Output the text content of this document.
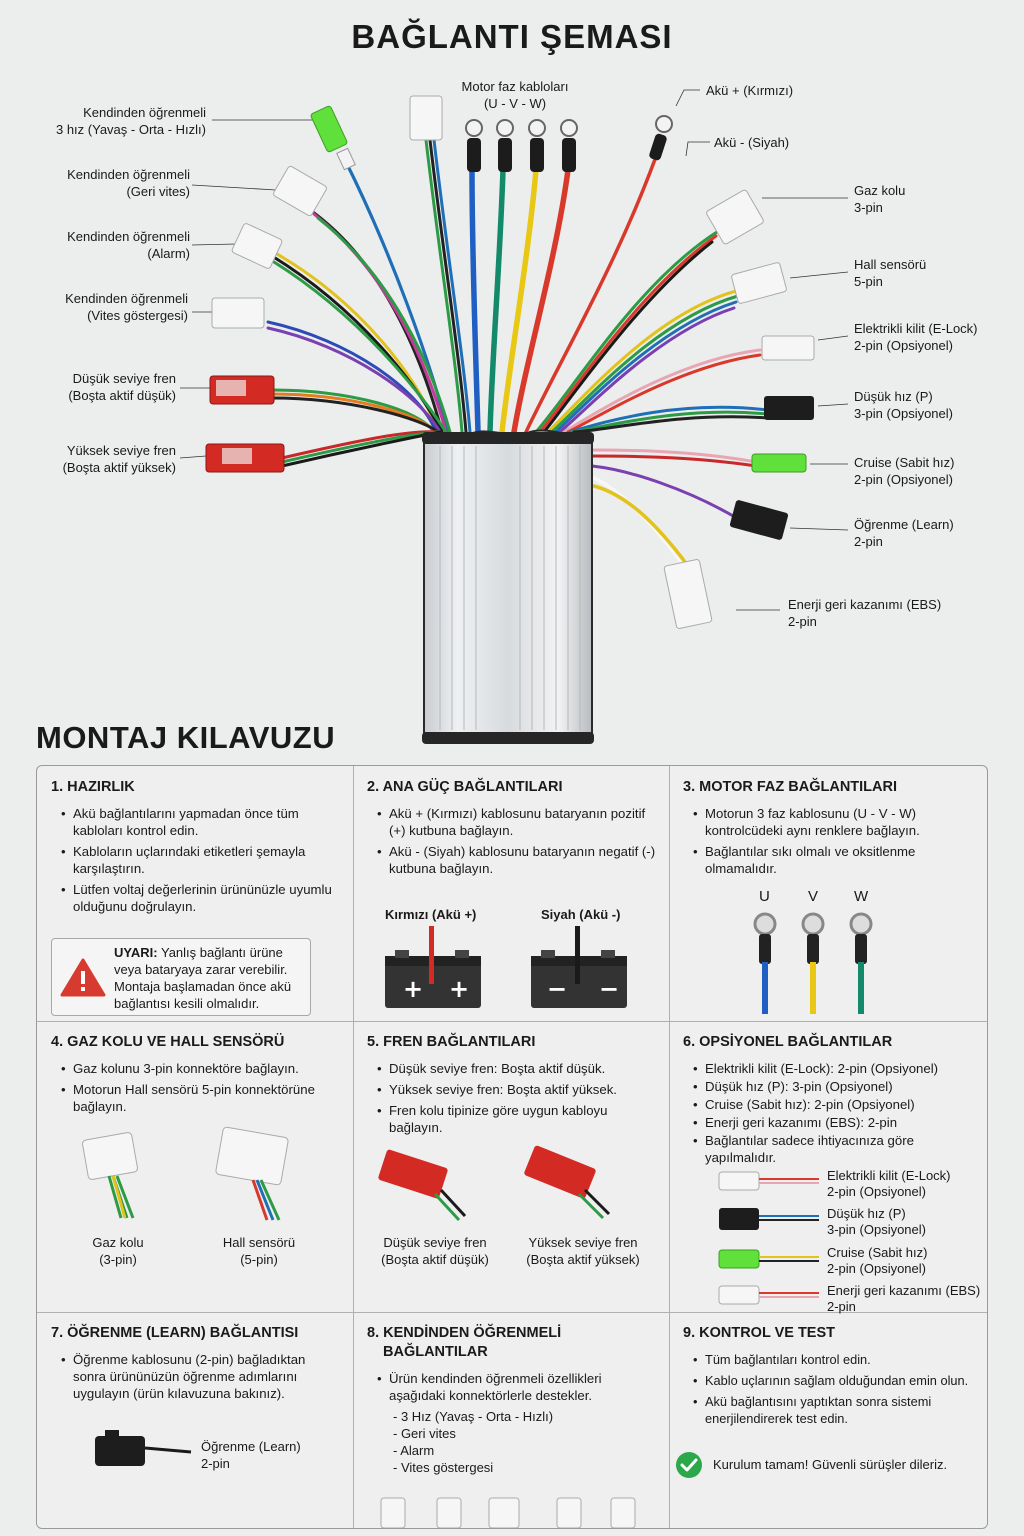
BAĞLANTI ŞEMASI
Kendinden öğrenmeli
3 hız (Yavaş - Orta - Hızlı)
Kendinden öğrenmeli
(Geri vites)
Kendinden öğrenmeli
(Alarm)
Kendinden öğrenmeli
(Vites göstergesi)
Düşük seviye fren
(Boşta aktif düşük)
Yüksek seviye fren
(Boşta aktif yüksek)
Motor faz kabloları
(U - V - W)
Akü + (Kırmızı)
Akü - (Siyah)
Gaz kolu
3-pin
Hall sensörü
5-pin
Elektrikli kilit (E-Lock)
2-pin (Opsiyonel)
Düşük hız (P)
3-pin (Opsiyonel)
Cruise (Sabit hız)
2-pin (Opsiyonel)
Öğrenme (Learn)
2-pin
Enerji geri kazanımı (EBS)
2-pin
MONTAJ KILAVUZU
1. HAZIRLIK
• Akü bağlantılarını yapmadan önce tüm kabloları kontrol edin.
• Kabloların uçlarındaki etiketleri şemayla karşılaştırın.
• Lütfen voltaj değerlerinin ürününüzle uyumlu olduğunu doğrulayın.
UYARI: Yanlış bağlantı ürüne veya bataryaya zarar verebilir. Montaja başlamadan önce akü bağlantısı kesili olmalıdır.
2. ANA GÜÇ BAĞLANTILARI
• Akü + (Kırmızı) kablosunu bataryanın pozitif (+) kutbuna bağlayın.
• Akü - (Siyah) kablosunu bataryanın negatif (-) kutbuna bağlayın.
Kırmızı (Akü +)	Siyah (Akü -)
+ +	− −
3. MOTOR FAZ BAĞLANTILARI
• Motorun 3 faz kablosunu (U - V - W) kontrolcüdeki aynı renklere bağlayın.
• Bağlantılar sıkı olmalı ve oksitlenme olmamalıdır.
U	V W
4. GAZ KOLU VE HALL SENSÖRÜ
• Gaz kolunu 3-pin konnektöre bağlayın.
• Motorun Hall sensörü 5-pin konnektörüne bağlayın.
Gaz kolu
(3-pin)
Hall sensörü
(5-pin)
5. FREN BAĞLANTILARI
• Düşük seviye fren: Boşta aktif düşük.
• Yüksek seviye fren: Boşta aktif yüksek.
• Fren kolu tipinize göre uygun kabloyu bağlayın.
Düşük seviye fren
(Boşta aktif düşük)
Yüksek seviye fren
(Boşta aktif yüksek)
6. OPSİYONEL BAĞLANTILAR
• Elektrikli kilit (E-Lock): 2-pin (Opsiyonel)
• Düşük hız (P): 3-pin (Opsiyonel)
• Cruise (Sabit hız): 2-pin (Opsiyonel)
• Enerji geri kazanımı (EBS): 2-pin
• Bağlantılar sadece ihtiyacınıza göre yapılmalıdır.
Elektrikli kilit (E-Lock)
2-pin (Opsiyonel)
Düşük hız (P)
3-pin (Opsiyonel)
Cruise (Sabit hız)
2-pin (Opsiyonel)
Enerji geri kazanımı (EBS)
2-pin
7. ÖĞRENME (LEARN) BAĞLANTISI
• Öğrenme kablosunu (2-pin) bağladıktan sonra ürününüzün öğrenme adımlarını uygulayın (ürün kılavuzuna bakınız).
Öğrenme (Learn)
2-pin
8. KENDİNDEN ÖĞRENMELİ
BAĞLANTILAR
• Ürün kendinden öğrenmeli özellikleri aşağıdaki konnektörlerle destekler.
- 3 Hız (Yavaş - Orta - Hızlı)
- Geri vites
- Alarm
- Vites göstergesi
9. KONTROL VE TEST
• Tüm bağlantıları kontrol edin.
• Kablo uçlarının sağlam olduğundan emin olun.
• Akü bağlantısını yaptıktan sonra sistemi enerjilendirerek test edin.
Kurulum tamam! Güvenli sürüşler dileriz.
